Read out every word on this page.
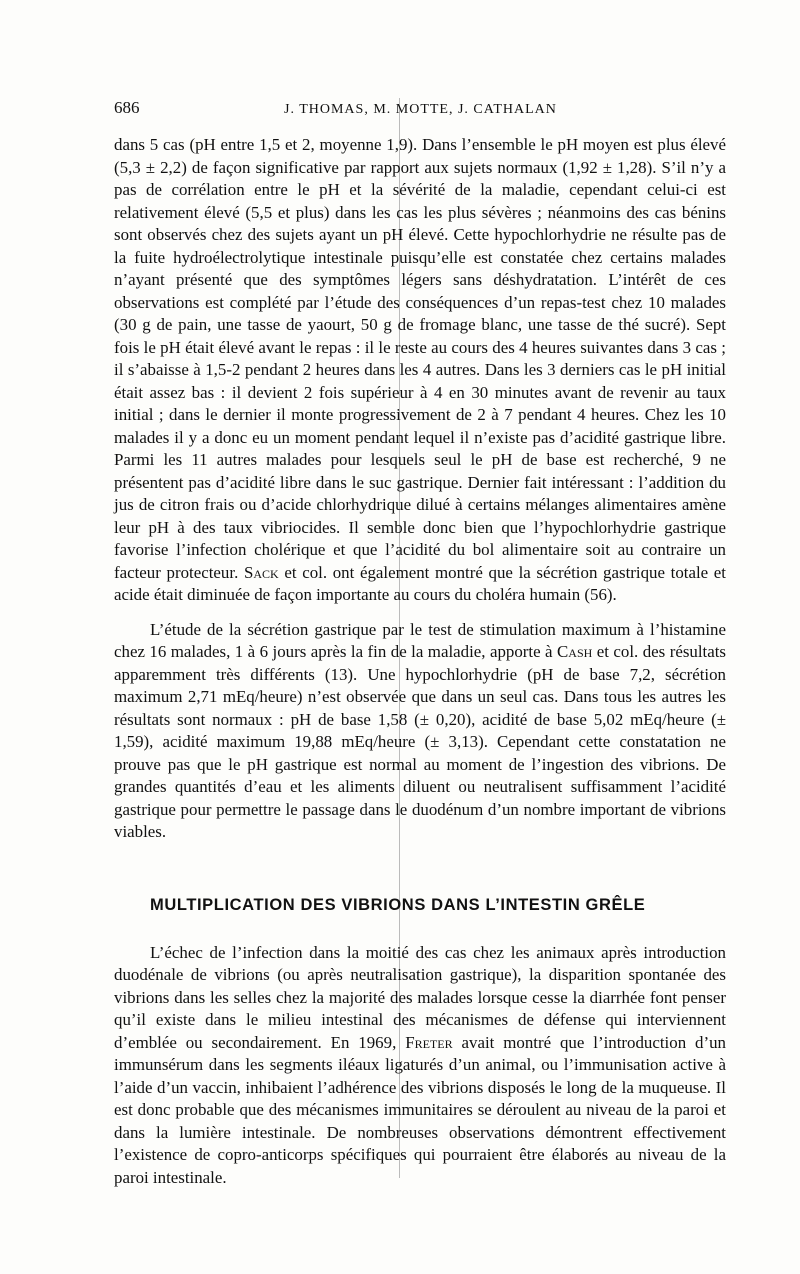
686	J. THOMAS, M. MOTTE, J. CATHALAN

dans 5 cas (pH entre 1,5 et 2, moyenne 1,9). Dans l’ensemble le pH moyen est plus élevé (5,3 ± 2,2) de façon significative par rapport aux sujets normaux (1,92 ± 1,28). S’il n’y a pas de corrélation entre le pH et la sévérité de la maladie, cependant celui-ci est relativement élevé (5,5 et plus) dans les cas les plus sévères ; néanmoins des cas bénins sont observés chez des sujets ayant un pH élevé. Cette hypochlorhydrie ne résulte pas de la fuite hydroélectrolytique intestinale puisqu’elle est constatée chez certains malades n’ayant présenté que des symptômes légers sans déshydratation. L’intérêt de ces observations est complété par l’étude des conséquences d’un repas-test chez 10 malades (30 g de pain, une tasse de yaourt, 50 g de fromage blanc, une tasse de thé sucré). Sept fois le pH était élevé avant le repas : il le reste au cours des 4 heures suivantes dans 3 cas ; il s’abaisse à 1,5-2 pendant 2 heures dans les 4 autres. Dans les 3 derniers cas le pH initial était assez bas : il devient 2 fois supérieur à 4 en 30 minutes avant de revenir au taux initial ; dans le dernier il monte progressivement de 2 à 7 pendant 4 heures. Chez les 10 malades il y a donc eu un moment pendant lequel il n’existe pas d’acidité gastrique libre. Parmi les 11 autres malades pour lesquels seul le pH de base est recherché, 9 ne présentent pas d’acidité libre dans le suc gastrique. Dernier fait intéressant : l’addition du jus de citron frais ou d’acide chlorhydrique dilué à certains mélanges alimentaires amène leur pH à des taux vibriocides. Il semble donc bien que l’hypochlorhydrie gastrique favorise l’infection cholérique et que l’acidité du bol alimentaire soit au contraire un facteur protecteur. Sack et col. ont également montré que la sécrétion gastrique totale et acide était diminuée de façon importante au cours du choléra humain (56).

L’étude de la sécrétion gastrique par le test de stimulation maximum à l’histamine chez 16 malades, 1 à 6 jours après la fin de la maladie, apporte à Cash et col. des résultats apparemment très différents (13). Une hypochlorhydrie (pH de base 7,2, sécrétion maximum 2,71 mEq/heure) n’est observée que dans un seul cas. Dans tous les autres les résultats sont normaux : pH de base 1,58 (± 0,20), acidité de base 5,02 mEq/heure (± 1,59), acidité maximum 19,88 mEq/heure (± 3,13). Cependant cette constatation ne prouve pas que le pH gastrique est normal au moment de l’ingestion des vibrions. De grandes quantités d’eau et les aliments diluent ou neutralisent suffisamment l’acidité gastrique pour permettre le passage dans le duodénum d’un nombre important de vibrions viables.

MULTIPLICATION DES VIBRIONS DANS L’INTESTIN GRÊLE

L’échec de l’infection dans la moitié des cas chez les animaux après introduction duodénale de vibrions (ou après neutralisation gastrique), la disparition spontanée des vibrions dans les selles chez la majorité des malades lorsque cesse la diarrhée font penser qu’il existe dans le milieu intestinal des mécanismes de défense qui interviennent d’emblée ou secondairement. En 1969, Freter avait montré que l’introduction d’un immunsérum dans les segments iléaux ligaturés d’un animal, ou l’immunisation active à l’aide d’un vaccin, inhibaient l’adhérence des vibrions disposés le long de la muqueuse. Il est donc probable que des mécanismes immunitaires se déroulent au niveau de la paroi et dans la lumière intestinale. De nombreuses observations démontrent effectivement l’existence de copro-anticorps spécifiques qui pourraient être élaborés au niveau de la paroi intestinale.
